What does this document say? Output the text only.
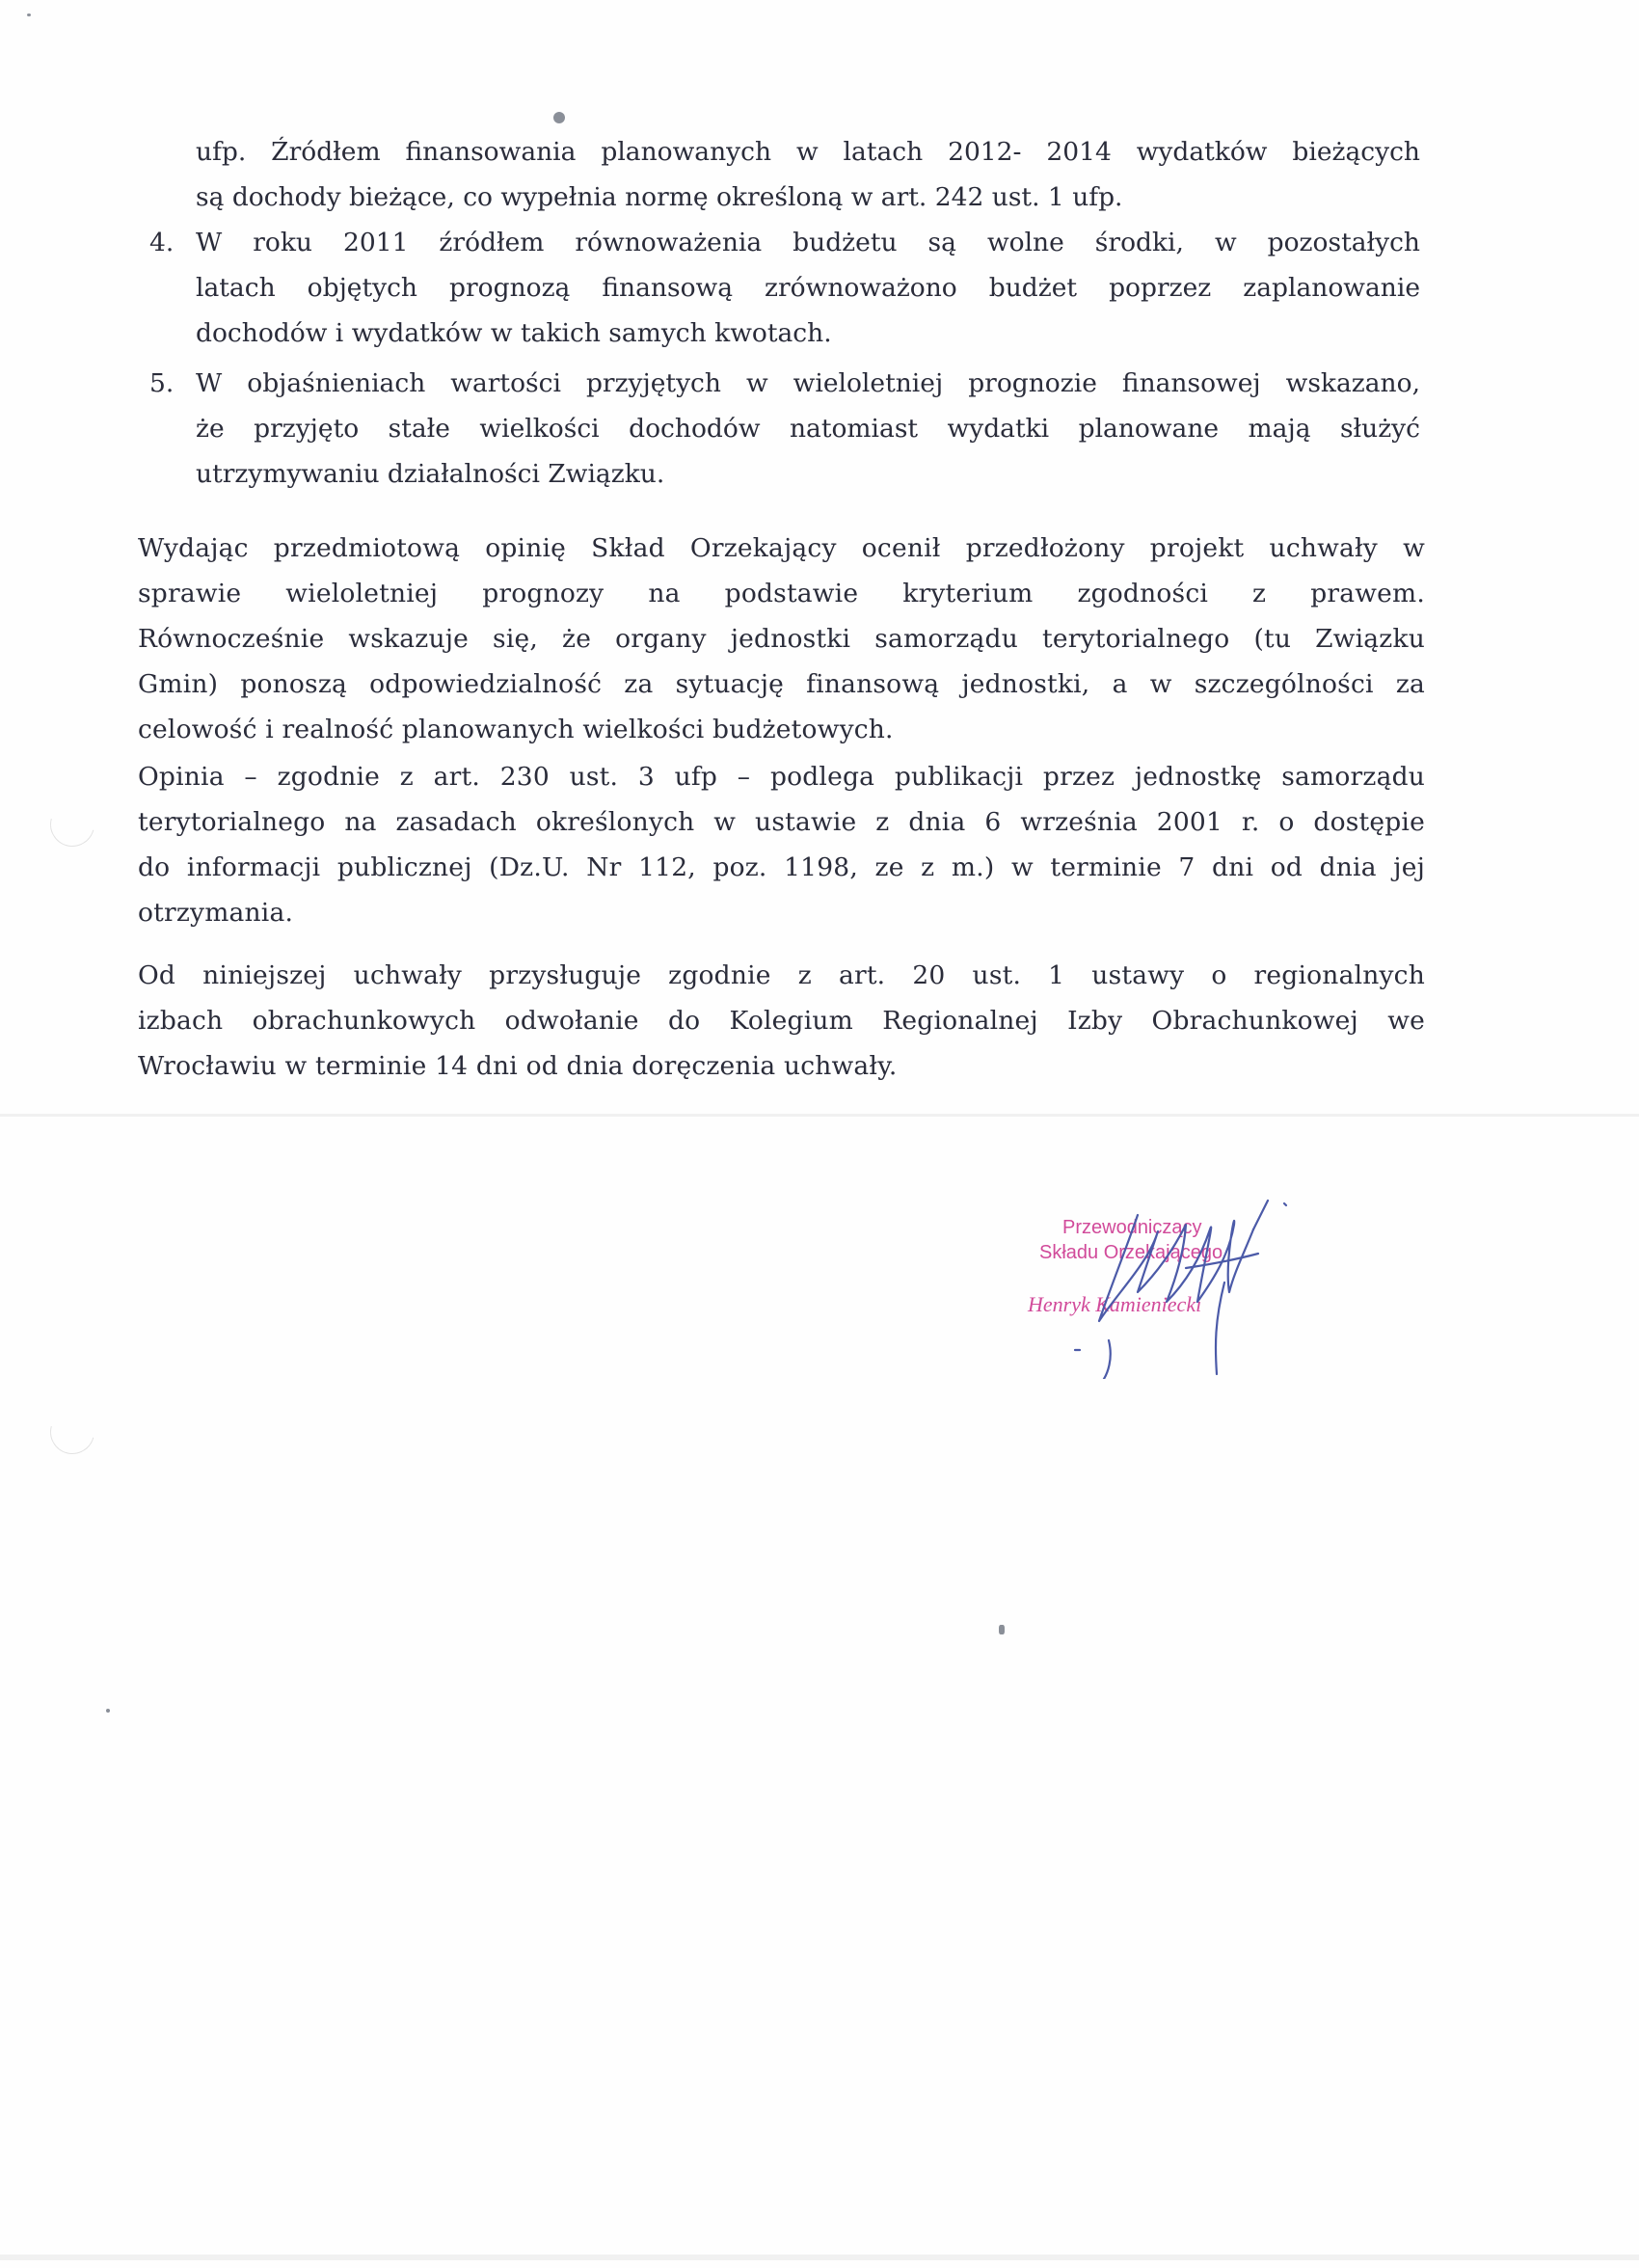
ufp. Źródłem finansowania planowanych w latach 2012- 2014 wydatków bieżących
są dochody bieżące, co wypełnia normę określoną w art. 242 ust. 1 ufp.
4. W roku 2011 źródłem równoważenia budżetu są wolne środki, w pozostałych
latach objętych prognozą finansową zrównoważono budżet poprzez zaplanowanie
dochodów i wydatków w takich samych kwotach.
5. W objaśnieniach wartości przyjętych w wieloletniej prognozie finansowej wskazano,
że przyjęto stałe wielkości dochodów natomiast wydatki planowane mają służyć
utrzymywaniu działalności Związku.
Wydając przedmiotową opinię Skład Orzekający ocenił przedłożony projekt uchwały w
sprawie wieloletniej prognozy na podstawie kryterium zgodności z prawem.
Równocześnie wskazuje się, że organy jednostki samorządu terytorialnego (tu Związku
Gmin) ponoszą odpowiedzialność za sytuację finansową jednostki, a w szczególności za
celowość i realność planowanych wielkości budżetowych.
Opinia – zgodnie z art. 230 ust. 3 ufp – podlega publikacji przez jednostkę samorządu
terytorialnego na zasadach określonych w ustawie z dnia 6 września 2001 r. o dostępie
do informacji publicznej (Dz.U. Nr 112, poz. 1198, ze z m.) w terminie 7 dni od dnia jej
otrzymania.
Od niniejszej uchwały przysługuje zgodnie z art. 20 ust. 1 ustawy o regionalnych
izbach obrachunkowych odwołanie do Kolegium Regionalnej Izby Obrachunkowej we
Wrocławiu w terminie 14 dni od dnia doręczenia uchwały.
Przewodniczący
Składu Orzekającego
Henryk Kamieniecki
